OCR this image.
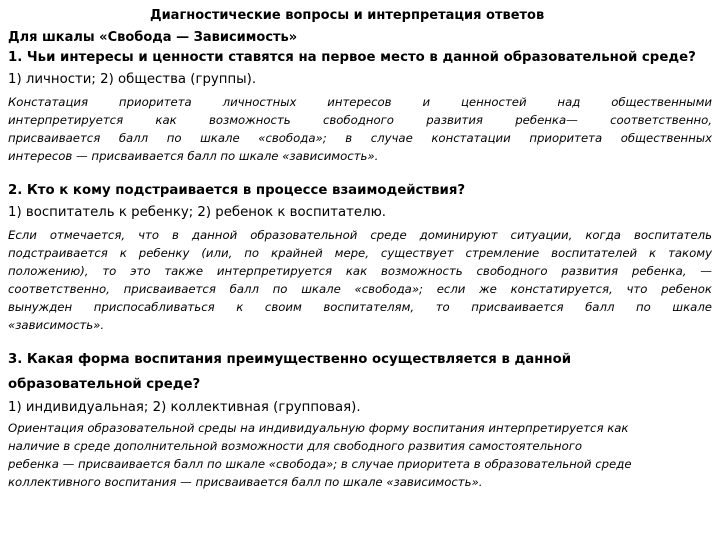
Диагностические вопросы и интерпретация ответов
Для шкалы «Свобода — Зависимость»
1. Чьи интересы и ценности ставятся на первое место в данной образовательной среде?
1) личности; 2) общества (группы).
Констатация приоритета личностных интересов и ценностей над общественными
интерпретируется как возможность свободного развития ребенка— соответственно,
присваивается балл по шкале «свобода»; в случае констатации приоритета общественных
интересов — присваивается балл по шкале «зависимость».
2. Кто к кому подстраивается в процессе взаимодействия?
1) воспитатель к ребенку; 2) ребенок к воспитателю.
Если отмечается, что в данной образовательной среде доминируют ситуации, когда воспитатель
подстраивается к ребенку (или, по крайней мере, существует стремление воспитателей к такому
положению), то это также интерпретируется как возможность свободного развития ребенка, —
соответственно, присваивается балл по шкале «свобода»; если же констатируется, что ребенок
вынужден приспосабливаться к своим воспитателям, то присваивается балл по шкале
«зависимость».
3. Какая форма воспитания преимущественно осуществляется в данной
образовательной среде?
1) индивидуальная; 2) коллективная (групповая).
Ориентация образовательной среды на индивидуальную форму воспитания интерпретируется как
наличие в среде дополнительной возможности для свободного развития самостоятельного
ребенка — присваивается балл по шкале «свобода»; в случае приоритета в образовательной среде
коллективного воспитания — присваивается балл по шкале «зависимость».
